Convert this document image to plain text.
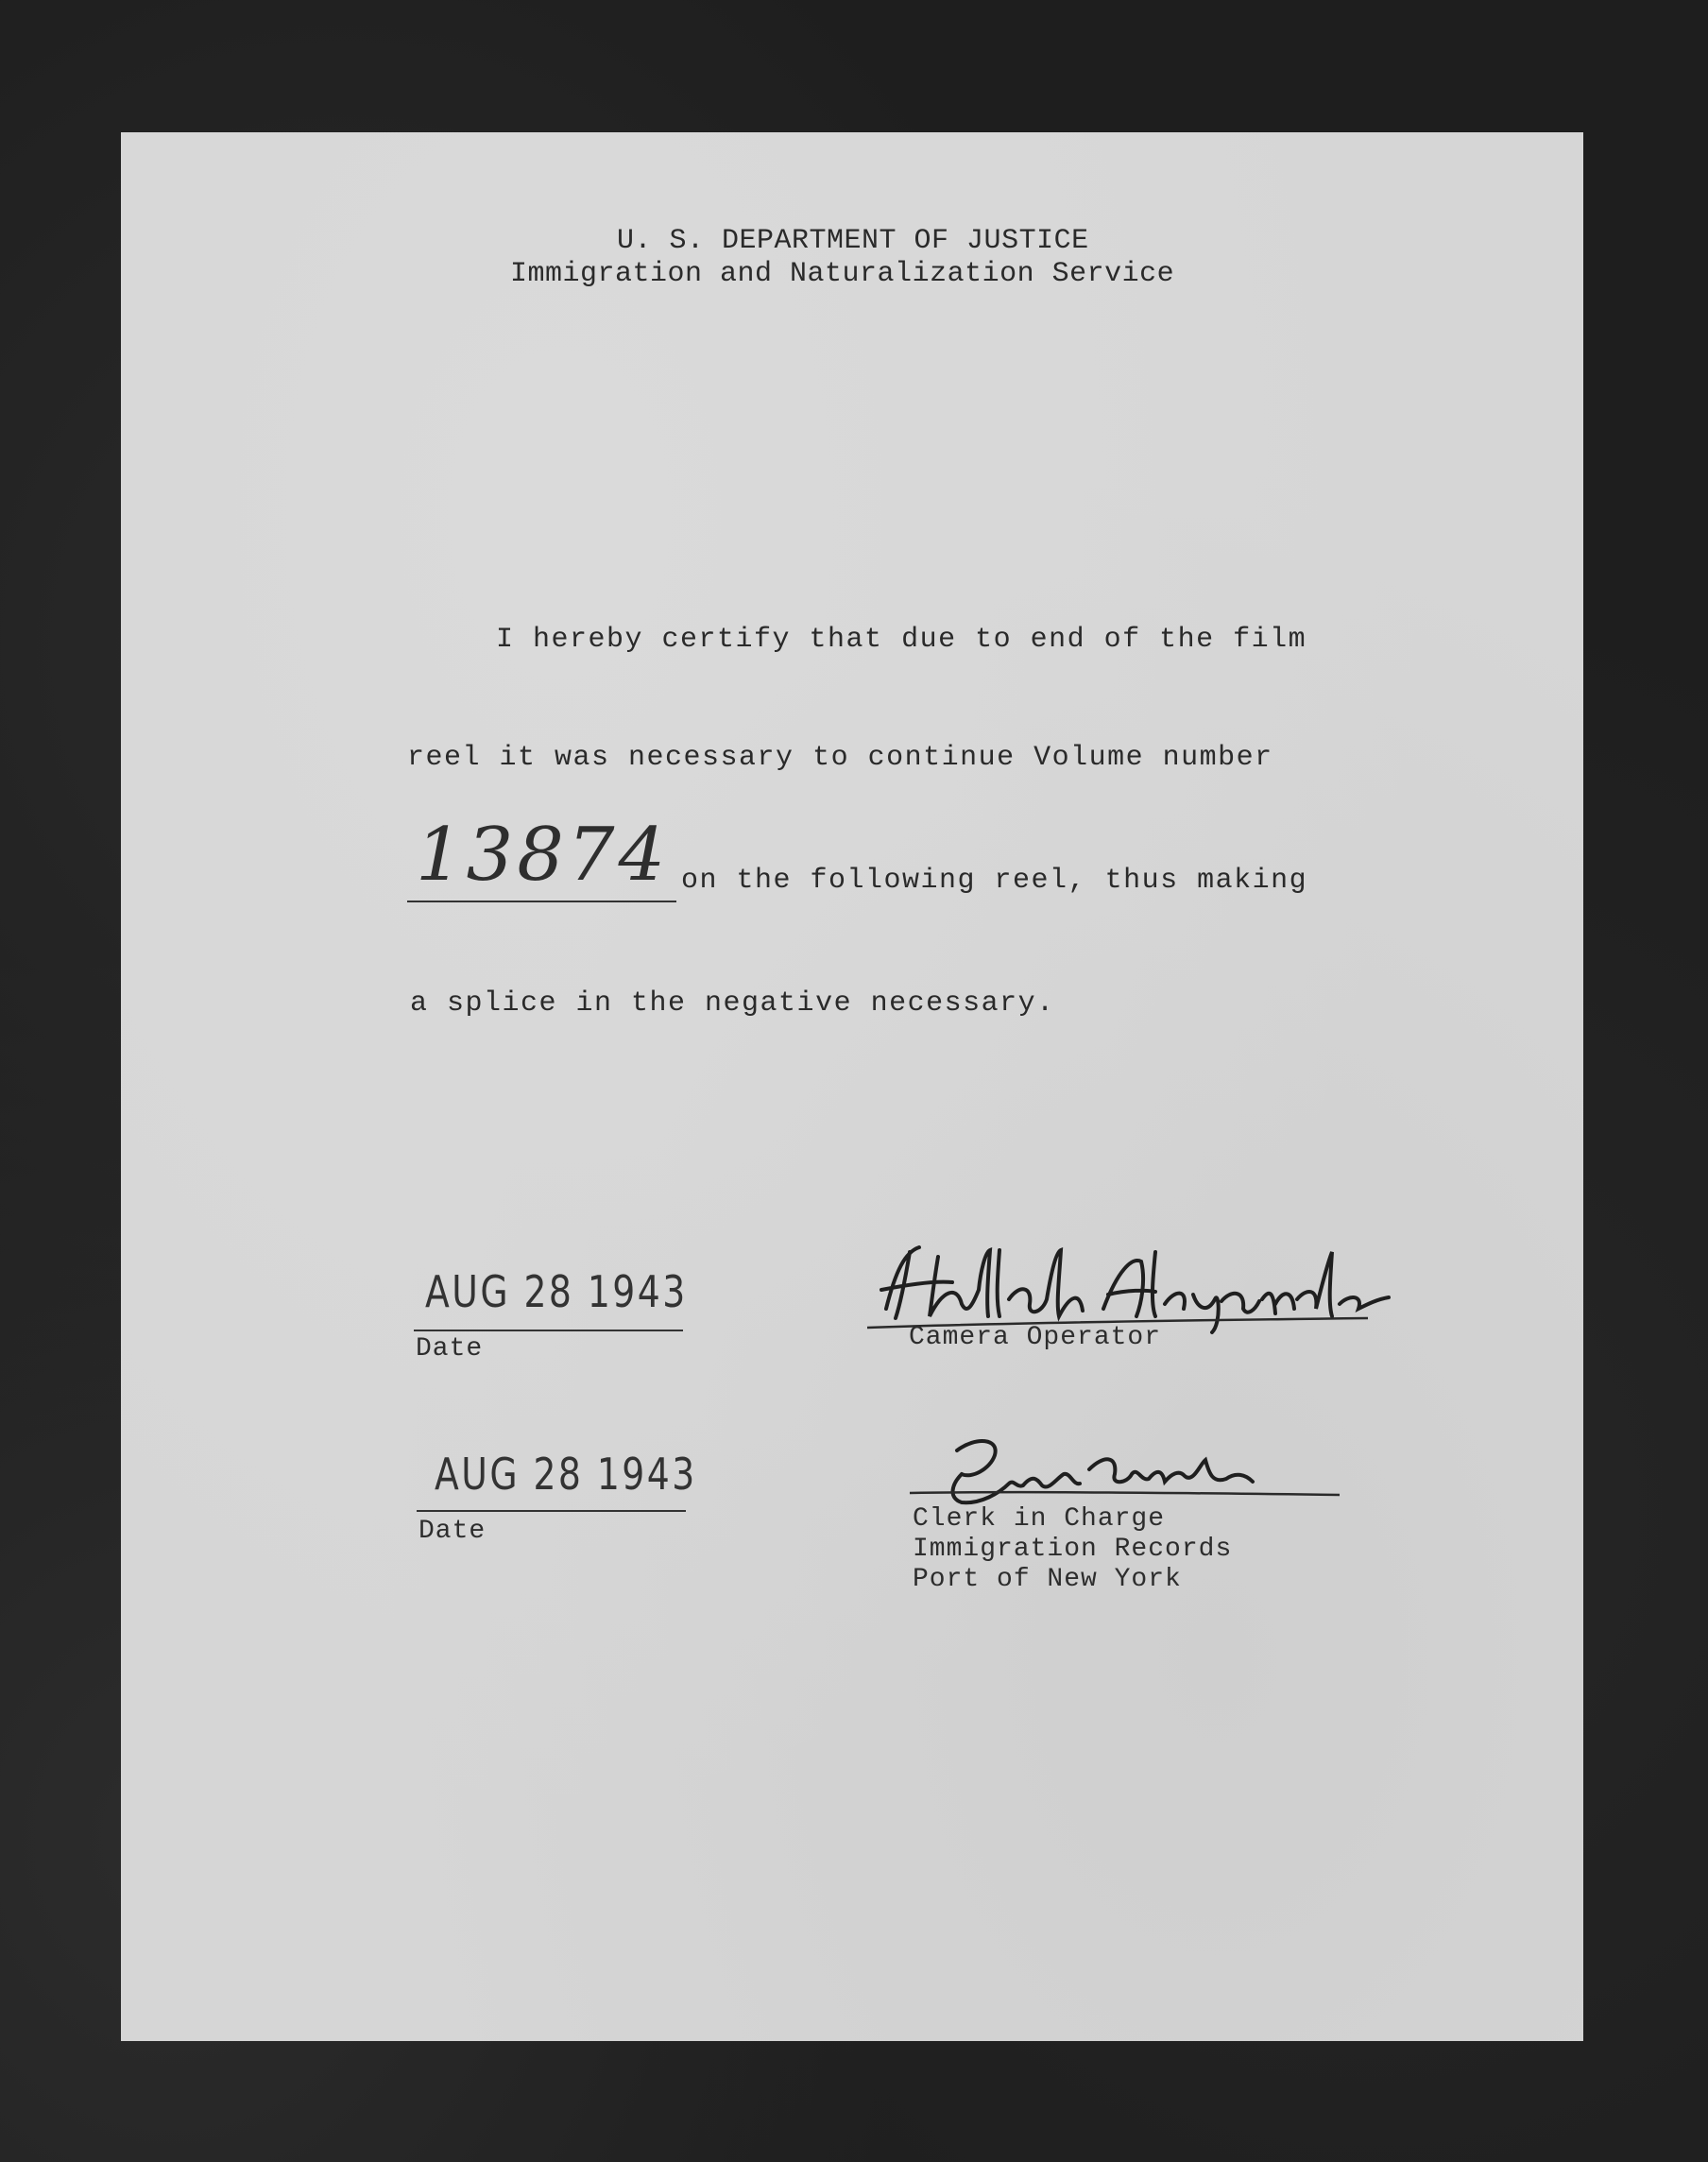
U. S. DEPARTMENT OF JUSTICE
Immigration and Naturalization Service
I hereby certify that due to end of the film
reel it was necessary to continue Volume number
13874 on the following reel, thus making
a splice in the negative necessary.
AUG 28 1943
Date	Camera Operator
AUG 28 1943
Date	Clerk in Charge
Immigration Records
Port of New York
